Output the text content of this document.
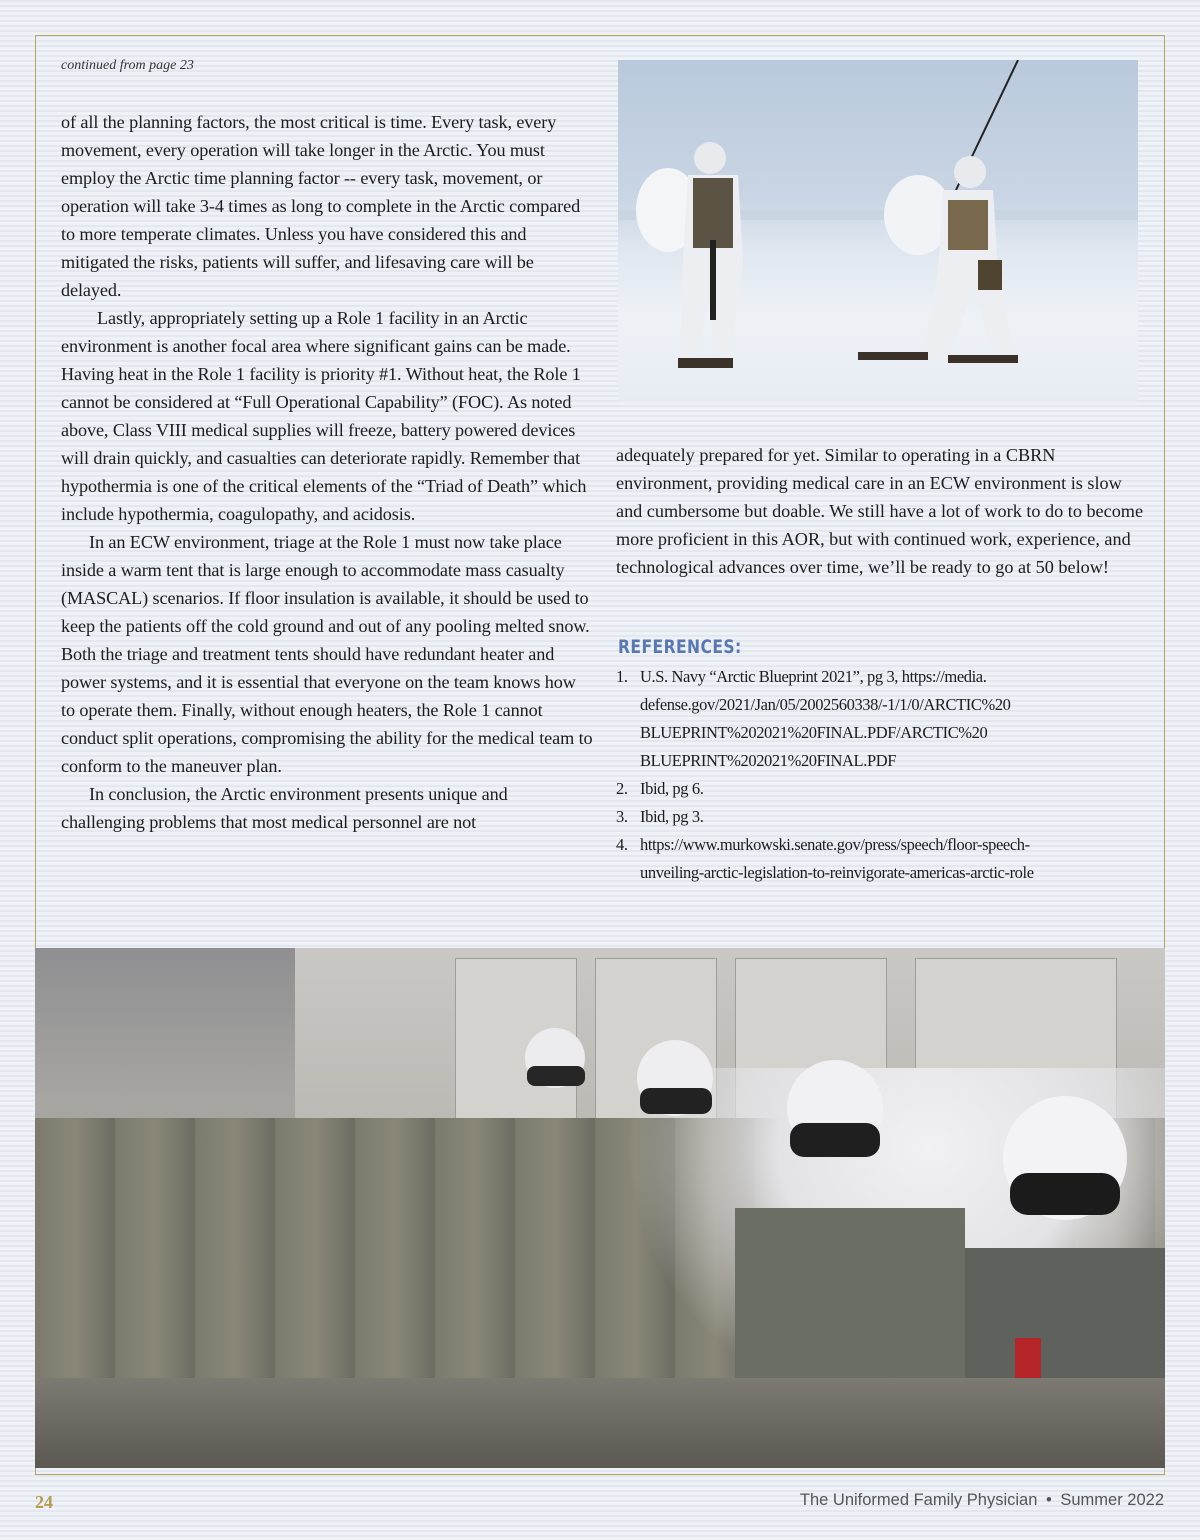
continued from page 23

of all the planning factors, the most critical is time. Every task, every movement, every operation will take longer in the Arctic. You must employ the Arctic time planning factor -- every task, movement, or operation will take 3-4 times as long to complete in the Arctic compared to more temperate climates. Unless you have considered this and mitigated the risks, patients will suffer, and lifesaving care will be delayed.

Lastly, appropriately setting up a Role 1 facility in an Arctic environment is another focal area where significant gains can be made. Having heat in the Role 1 facility is priority #1. Without heat, the Role 1 cannot be considered at “Full Operational Capability” (FOC). As noted above, Class VIII medical supplies will freeze, battery powered devices will drain quickly, and casualties can deteriorate rapidly. Remember that hypothermia is one of the critical elements of the “Triad of Death” which include hypothermia, coagulopathy, and acidosis.

In an ECW environment, triage at the Role 1 must now take place inside a warm tent that is large enough to accommodate mass casualty (MASCAL) scenarios. If floor insulation is available, it should be used to keep the patients off the cold ground and out of any pooling melted snow. Both the triage and treatment tents should have redundant heater and power systems, and it is essential that everyone on the team knows how to operate them. Finally, without enough heaters, the Role 1 cannot conduct split operations, compromising the ability for the medical team to conform to the maneuver plan.

In conclusion, the Arctic environment presents unique and challenging problems that most medical personnel are not

adequately prepared for yet. Similar to operating in a CBRN environment, providing medical care in an ECW environment is slow and cumbersome but doable. We still have a lot of work to do to become more proficient in this AOR, but with continued work, experience, and technological advances over time, we’ll be ready to go at 50 below!

REFERENCES:
1. U.S. Navy “Arctic Blueprint 2021”, pg 3, https://media.
defense.gov/2021/Jan/05/2002560338/-1/1/0/ARCTIC%20
BLUEPRINT%202021%20FINAL.PDF/ARCTIC%20
BLUEPRINT%202021%20FINAL.PDF
2. Ibid, pg 6.
3. Ibid, pg 3.
4. https://www.murkowski.senate.gov/press/speech/floor-speech-
unveiling-arctic-legislation-to-reinvigorate-americas-arctic-role
24	The Uniformed Family Physician • Summer 2022
